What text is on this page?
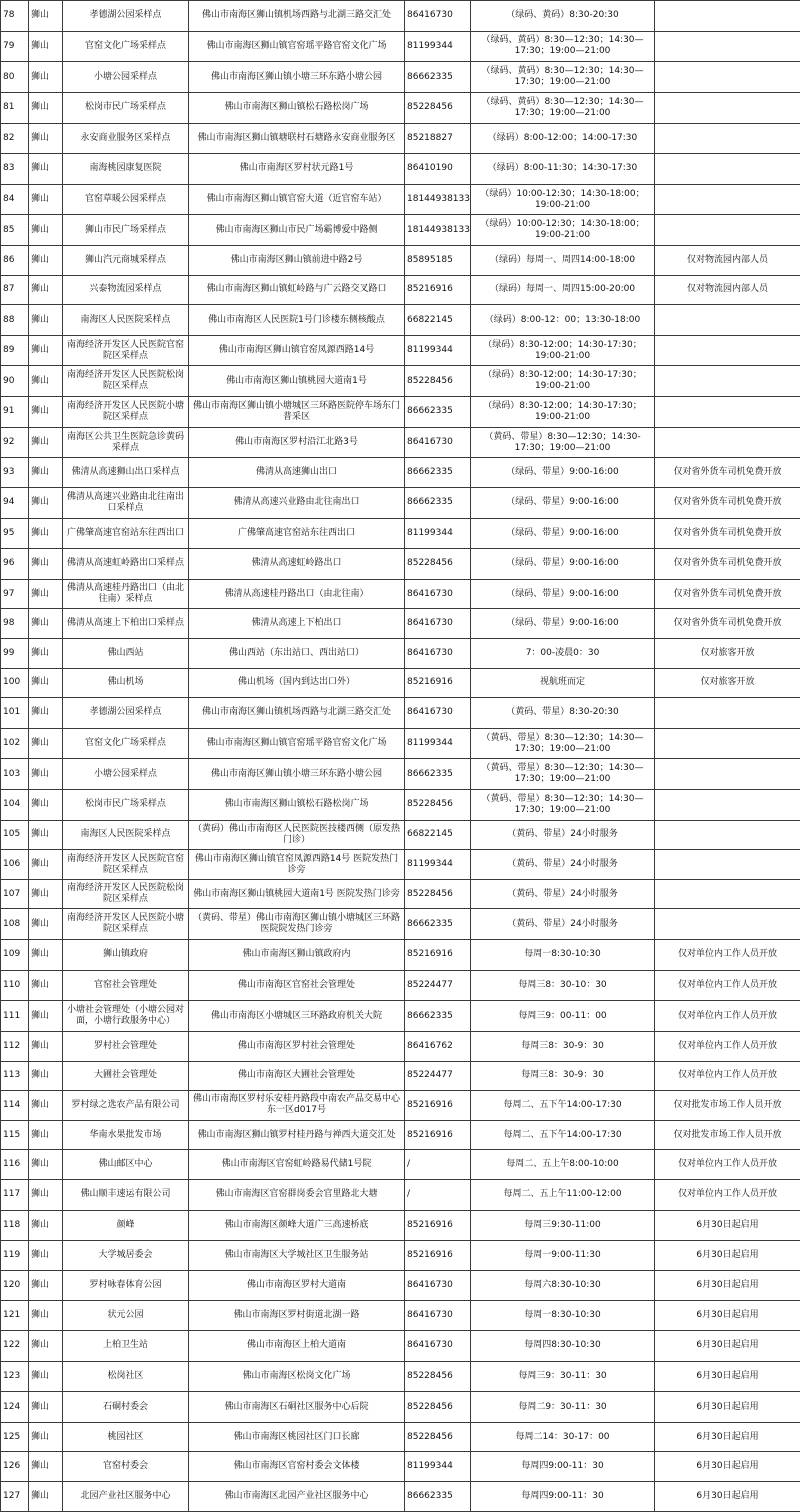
78	狮山	孝德湖公园采样点	佛山市南海区狮山镇机场西路与北湖三路交汇处	86416730	（绿码、黄码）8:30-20:30	
79	狮山	官窑文化广场采样点	佛山市南海区狮山镇官窑瑶平路官窑文化广场	81199344	（绿码、黄码）8:30—12:30；14:30—17:30；19:00—21:00	
80	狮山	小塘公园采样点	佛山市南海区狮山镇小塘三环东路小塘公园	86662335	（绿码、黄码）8:30—12:30；14:30—17:30；19:00—21:00	
81	狮山	松岗市民广场采样点	佛山市南海区狮山镇松石路松岗广场	85228456	（绿码、黄码）8:30—12:30；14:30—17:30；19:00—21:00	
82	狮山	永安商业服务区采样点	佛山市南海区狮山镇塘联村石塘路永安商业服务区	85218827	（绿码）8:00-12:00；14:00-17:30	
83	狮山	南海桃园康复医院	佛山市南海区罗村状元路1号	86410190	（绿码）8:00-11:30；14:30-17:30	
84	狮山	官窑草暖公园采样点	佛山市南海区狮山镇官窑大道（近官窑车站）	18144938133	（绿码）10:00-12:30；14:30-18:00；19:00-21:00	
85	狮山	狮山市民广场采样点	佛山市南海区狮山市民广场霸博爱中路侧	18144938133	（绿码）10:00-12:30；14:30-18:00；19:00-21:00	
86	狮山	狮山汽元商城采样点	佛山市南海区狮山镇前进中路2号	85895185	（绿码）每周一、周四14:00-18:00	仅对物流园内部人员
87	狮山	兴泰物流园采样点	佛山市南海区狮山镇虹岭路与广云路交叉路口	85216916	（绿码）每周一、周四15:00-20:00	仅对物流园内部人员
88	狮山	南海区人民医院采样点	佛山市南海区人民医院1号门诊楼东侧核酸点	66822145	（绿码）8:00-12：00；13:30-18:00	
89	狮山	南海经济开发区人民医院官窑院区采样点	佛山市南海区狮山镇官窑凤源西路14号	81199344	（绿码）8:30-12:00；14:30-17:30；19:00-21:00	
90	狮山	南海经济开发区人民医院松岗院区采样点	佛山市南海区狮山镇桃园大道南1号	85228456	（绿码）8:30-12:00；14:30-17:30；19:00-21:00	
91	狮山	南海经济开发区人民医院小塘院区采样点	佛山市南海区狮山镇小塘城区三环路医院停车场东门普采区	86662335	（绿码）8:30-12:00；14:30-17:30；19:00-21:00	
92	狮山	南海区公共卫生医院急诊黄码采样点	佛山市南海区罗村沿江北路3号	86416730	（黄码、带星）8:30—12:30；14:30-17:30；19:00—21:00	
93	狮山	佛清从高速狮山出口采样点	佛清从高速狮山出口	86662335	（绿码、带星）9:00-16:00	仅对省外货车司机免费开放
94	狮山	佛清从高速兴业路由北往南出口采样点	佛清从高速兴业路由北往南出口	86662335	（绿码、带星）9:00-16:00	仅对省外货车司机免费开放
95	狮山	广佛肇高速官窑站东往西出口	广佛肇高速官窑站东往西出口	81199344	（绿码、带星）9:00-16:00	仅对省外货车司机免费开放
96	狮山	佛清从高速虹岭路出口采样点	佛清从高速虹岭路出口	85228456	（绿码、带星）9:00-16:00	仅对省外货车司机免费开放
97	狮山	佛清从高速桂丹路出口（由北往南）采样点	佛清从高速桂丹路出口（由北往南）	86416730	（绿码、带星）9:00-16:00	仅对省外货车司机免费开放
98	狮山	佛清从高速上下柏出口采样点	佛清从高速上下柏出口	86416730	（绿码、带星）9:00-16:00	仅对省外货车司机免费开放
99	狮山	佛山西站	佛山西站（东出站口、西出站口）	86416730	7：00-凌晨0：30	仅对旅客开放
100	狮山	佛山机场	佛山机场（国内到达出口外）	85216916	视航班而定	仅对旅客开放
101	狮山	孝德湖公园采样点	佛山市南海区狮山镇机场西路与北湖三路交汇处	86416730	（黄码、带星）8:30-20:30	
102	狮山	官窑文化广场采样点	佛山市南海区狮山镇官窑瑶平路官窑文化广场	81199344	（黄码、带星）8:30—12:30；14:30—17:30；19:00—21:00	
103	狮山	小塘公园采样点	佛山市南海区狮山镇小塘三环东路小塘公园	86662335	（黄码、带星）8:30—12:30；14:30—17:30；19:00—21:00	
104	狮山	松岗市民广场采样点	佛山市南海区狮山镇松石路松岗广场	85228456	（黄码、带星）8:30—12:30；14:30—17:30；19:00—21:00	
105	狮山	南海区人民医院采样点	（黄码）佛山市南海区人民医院医技楼西侧（原发热门诊）	66822145	（黄码、带星）24小时服务	
106	狮山	南海经济开发区人民医院官窑院区采样点	佛山市南海区狮山镇官窑凤源西路14号 医院发热门诊旁	81199344	（黄码、带星）24小时服务	
107	狮山	南海经济开发区人民医院松岗院区采样点	佛山市南海区狮山镇桃园大道南1号 医院发热门诊旁	85228456	（黄码、带星）24小时服务	
108	狮山	南海经济开发区人民医院小塘院区采样点	（黄码、带星）佛山市南海区狮山镇小塘城区三环路医院院发热门诊旁	86662335	（黄码、带星）24小时服务	
109	狮山	狮山镇政府	佛山市南海区狮山镇政府内	85216916	每周一8:30-10:30	仅对单位内工作人员开放
110	狮山	官窑社会管理处	佛山市南海区官窑社会管理处	85224477	每周三8：30-10：30	仅对单位内工作人员开放
111	狮山	小塘社会管理处（小塘公园对面，小塘行政服务中心）	佛山市南海区小塘城区三环路政府机关大院	86662335	每周三9：00-11：00	仅对单位内工作人员开放
112	狮山	罗村社会管理处	佛山市南海区罗村社会管理处	86416762	每周三8：30-9：30	仅对单位内工作人员开放
113	狮山	大圃社会管理处	佛山市南海区大圃社会管理处	85224477	每周三8：30-9：30	仅对单位内工作人员开放
114	狮山	罗村绿之选农产品有限公司	佛山市南海区罗村乐安桂丹路段中南农产品交易中心东一区d017号	85216916	每周二、五下午14:00-17:30	仅对批发市场工作人员开放
115	狮山	华南水果批发市场	佛山市南海区狮山镇罗村桂丹路与禅西大道交汇处	85216916	每周二、五下午14:00-17:30	仅对批发市场工作人员开放
116	狮山	佛山邮区中心	佛山市南海区官窑虹岭路易代储1号院	/	每周二、五上午8:00-10:00	仅对单位内工作人员开放
117	狮山	佛山顺丰速运有限公司	佛山市南海区官窑群岗委会官里路北大塘	/	每周二、五上午11:00-12:00	仅对单位内工作人员开放
118	狮山	颜峰	佛山市南海区颜峰大道广三高速桥底	85216916	每周三9:30-11:00	6月30日起启用
119	狮山	大学城居委会	佛山市南海区大学城社区卫生服务站	85216916	每周一9:00-11:30	6月30日起启用
120	狮山	罗村咏春体育公园	佛山市南海区罗村大道南	86416730	每周六8:30-10:30	6月30日起启用
121	狮山	状元公园	佛山市南海区罗村街道北湖一路	86416730	每周一8:30-10:30	6月30日起启用
122	狮山	上柏卫生站	佛山市南海区上柏大道南	86416730	每周四8:30-10:30	6月30日起启用
123	狮山	松岗社区	佛山市南海区松岗文化广场	85228456	每周三9：30-11：30	6月30日起启用
124	狮山	石硐村委会	佛山市南海区石硐社区服务中心后院	85228456	每周二9：30-11：30	6月30日起启用
125	狮山	桃园社区	佛山市南海区桃园社区门口长廊	85228456	每周二14：30-17：00	6月30日起启用
126	狮山	官窑村委会	佛山市南海区官窑村委会文体楼	81199344	每周四9:00-11：30	6月30日起启用
127	狮山	北园产业社区服务中心	佛山市南海区北园产业社区服务中心	86662335	每周四9:00-11：30	6月30日起启用
